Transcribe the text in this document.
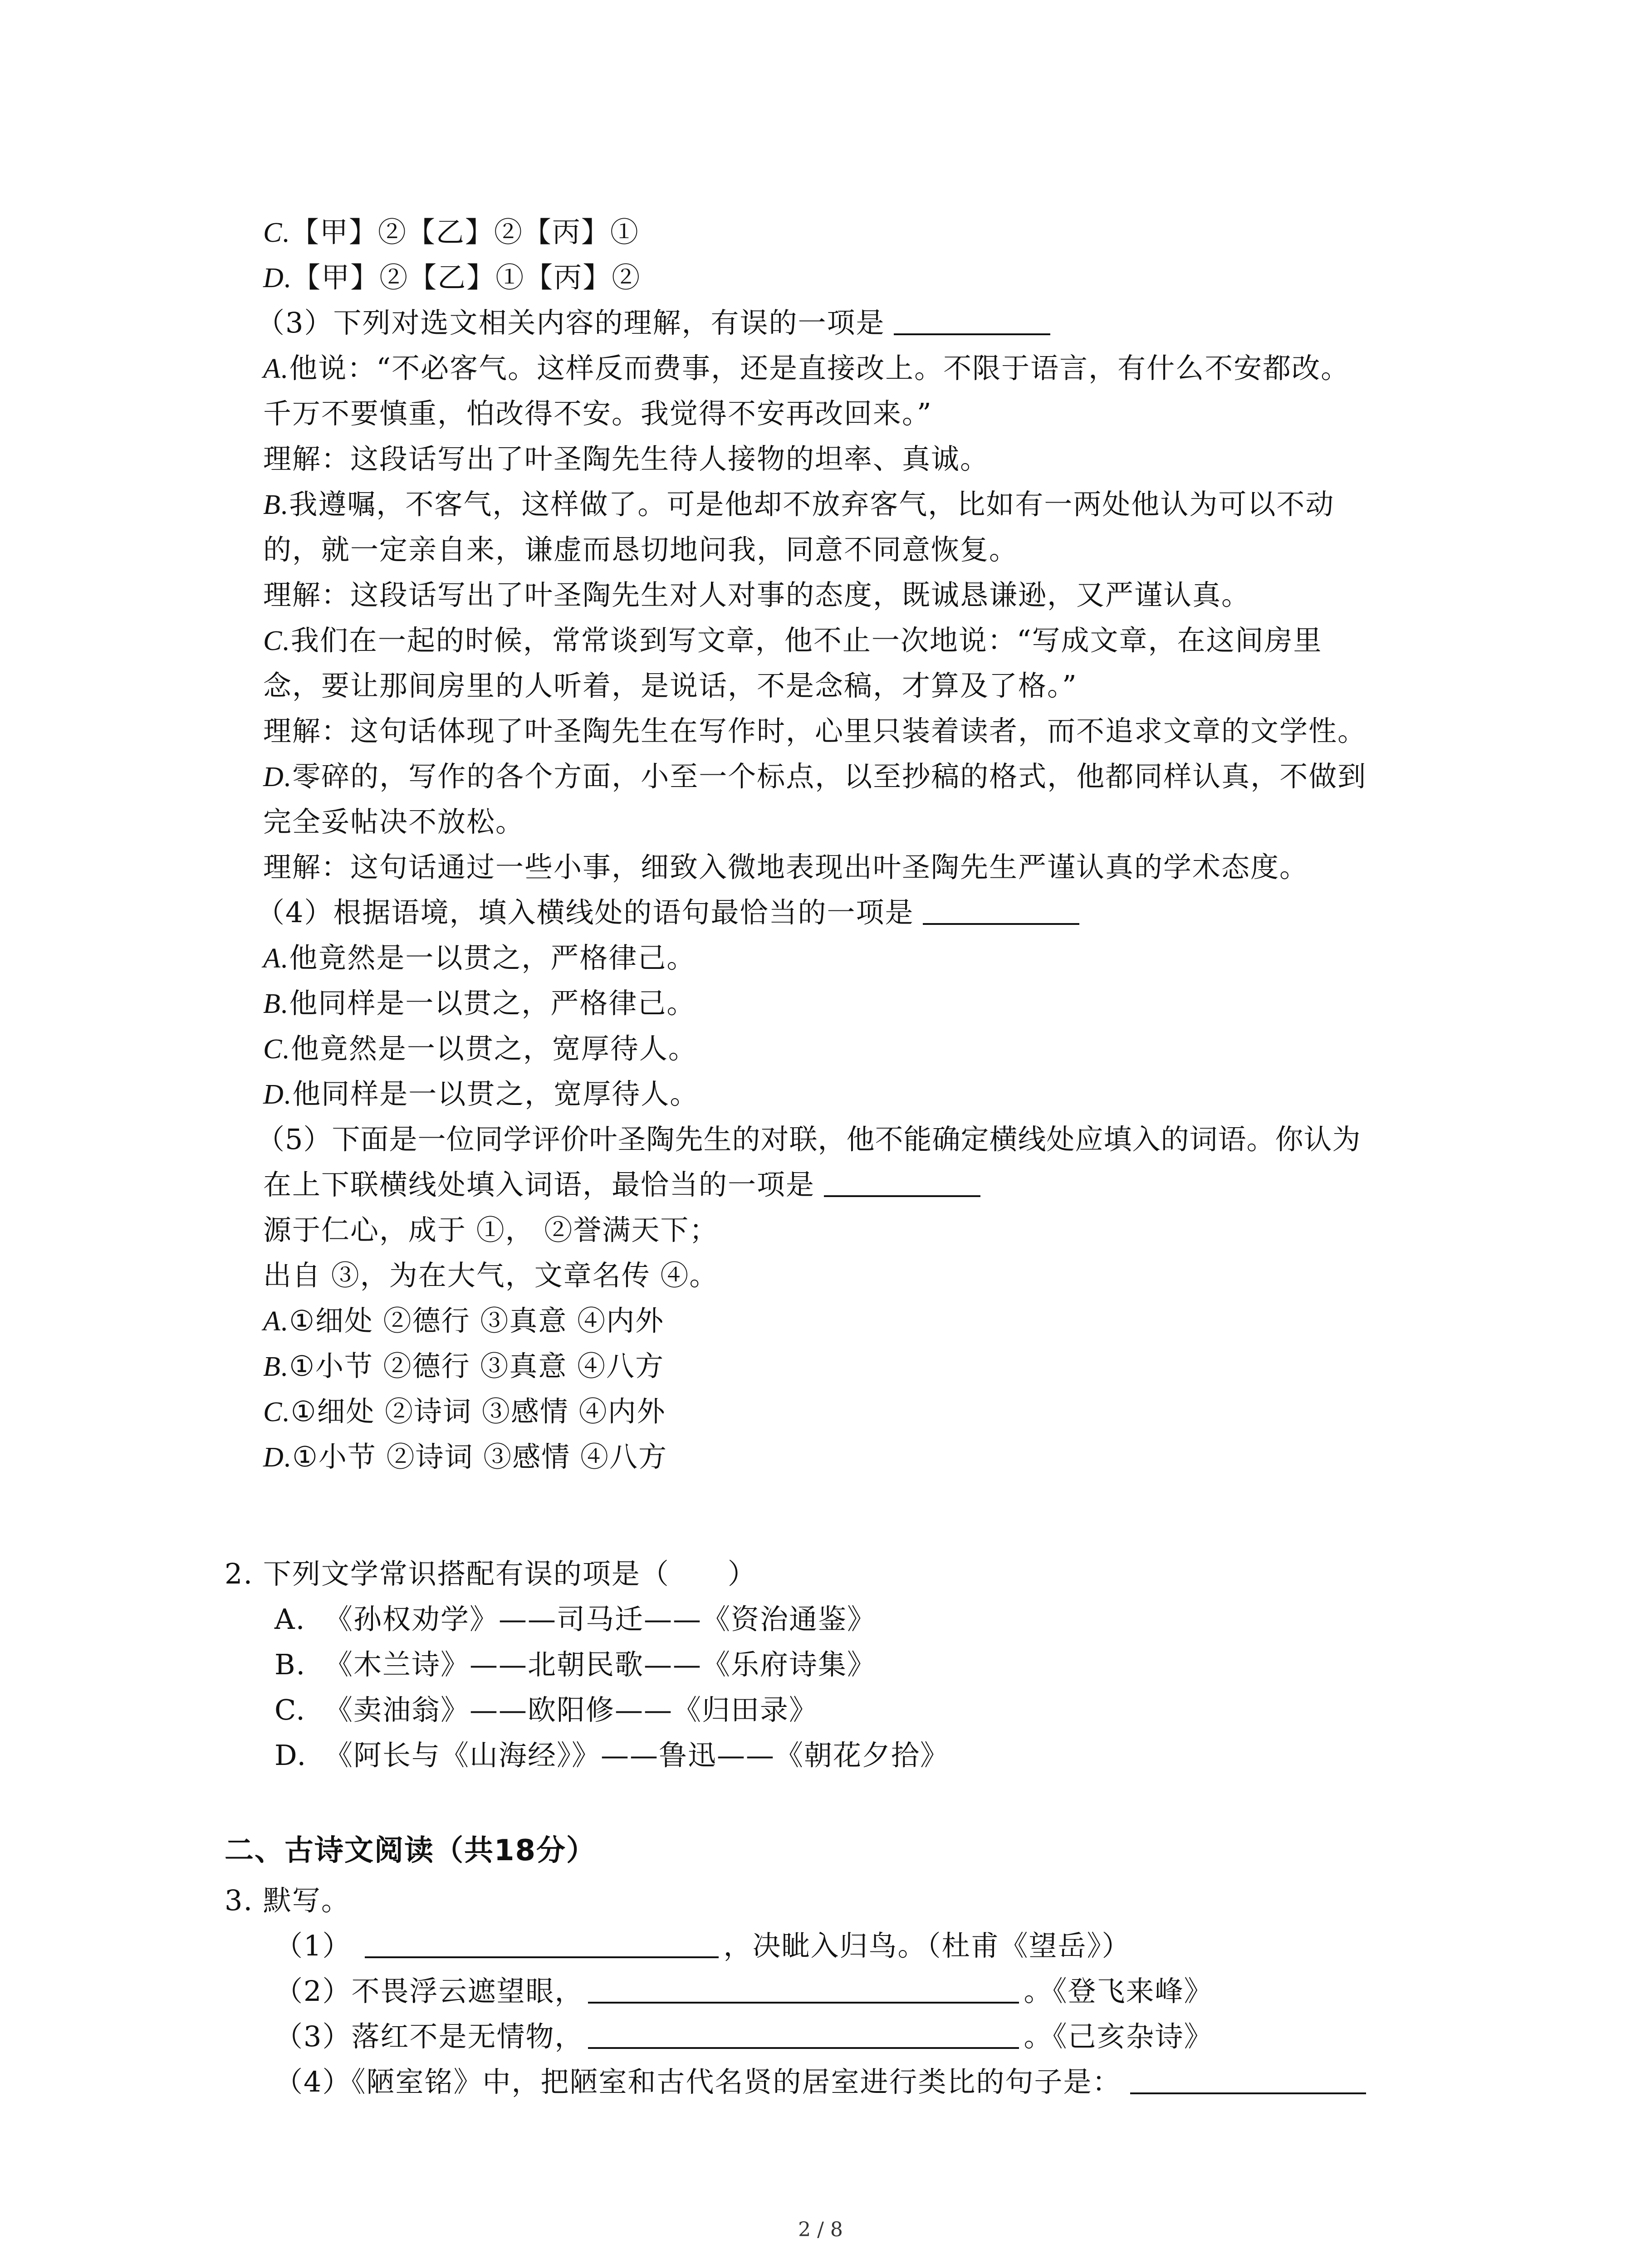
C.【甲】②【乙】②【丙】①
D.【甲】②【乙】①【丙】②
（3）下列对选文相关内容的理解，有误的一项是
A.他说：“不必客气。这样反而费事，还是直接改上。不限于语言，有什么不安都改。
千万不要慎重，怕改得不安。我觉得不安再改回来。”
理解：这段话写出了叶圣陶先生待人接物的坦率、真诚。
B.我遵嘱，不客气，这样做了。可是他却不放弃客气，比如有一两处他认为可以不动
的，就一定亲自来，谦虚而恳切地问我，同意不同意恢复。
理解：这段话写出了叶圣陶先生对人对事的态度，既诚恳谦逊，又严谨认真。
C.我们在一起的时候，常常谈到写文章，他不止一次地说：“写成文章，在这间房里
念，要让那间房里的人听着，是说话，不是念稿，才算及了格。”
理解：这句话体现了叶圣陶先生在写作时，心里只装着读者，而不追求文章的文学性。
D.零碎的，写作的各个方面，小至一个标点，以至抄稿的格式，他都同样认真，不做到
完全妥帖决不放松。
理解：这句话通过一些小事，细致入微地表现出叶圣陶先生严谨认真的学术态度。
（4）根据语境，填入横线处的语句最恰当的一项是
A.他竟然是一以贯之，严格律己。
B.他同样是一以贯之，严格律己。
C.他竟然是一以贯之，宽厚待人。
D.他同样是一以贯之，宽厚待人。
（5）下面是一位同学评价叶圣陶先生的对联，他不能确定横线处应填入的词语。你认为
在上下联横线处填入词语，最恰当的一项是
源于仁心，成于 ①， ②誉满天下；
出自 ③，为在大气，文章名传 ④。
A.①细处 ②德行 ③真意 ④内外
B.①小节 ②德行 ③真意 ④八方
C.①细处 ②诗词 ③感情 ④内外
D.①小节 ②诗词 ③感情 ④八方
2. 下列文学常识搭配有误的项是（　　）
A. 《孙权劝学》——司马迁——《资治通鉴》
B. 《木兰诗》——北朝民歌——《乐府诗集》
C. 《卖油翁》——欧阳修——《归田录》
D. 《阿长与《山海经》》——鲁迅——《朝花夕拾》
二、古诗文阅读（共18分）
3. 默写。
（1）	，决眦入归鸟。（杜甫《望岳》）
（2）不畏浮云遮望眼，	。《登飞来峰》
（3）落红不是无情物，	。《己亥杂诗》
（4）《陋室铭》中，把陋室和古代名贤的居室进行类比的句子是：
2 / 8
